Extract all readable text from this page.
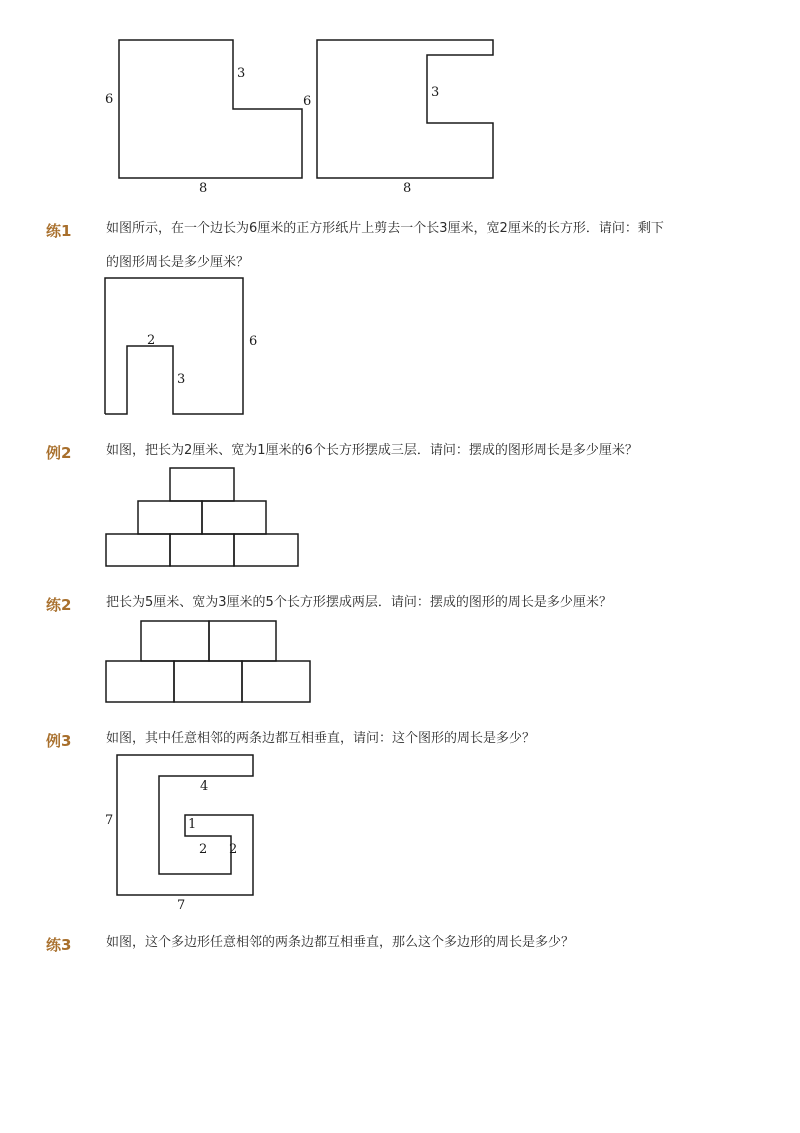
6
3
8
6
3
8
2
3
6
4
7	1
2 2
7
练1	如图所示，在一个边长为6厘米的正方形纸片上剪去一个长3厘米，宽2厘米的长方形．请问：剩下
的图形周长是多少厘米？
例2	如图，把长为2厘米、宽为1厘米的6个长方形摆成三层．请问：摆成的图形周长是多少厘米？
练2	把长为5厘米、宽为3厘米的5个长方形摆成两层．请问：摆成的图形的周长是多少厘米？
例3	如图，其中任意相邻的两条边都互相垂直，请问：这个图形的周长是多少？
练3	如图，这个多边形任意相邻的两条边都互相垂直，那么这个多边形的周长是多少？
